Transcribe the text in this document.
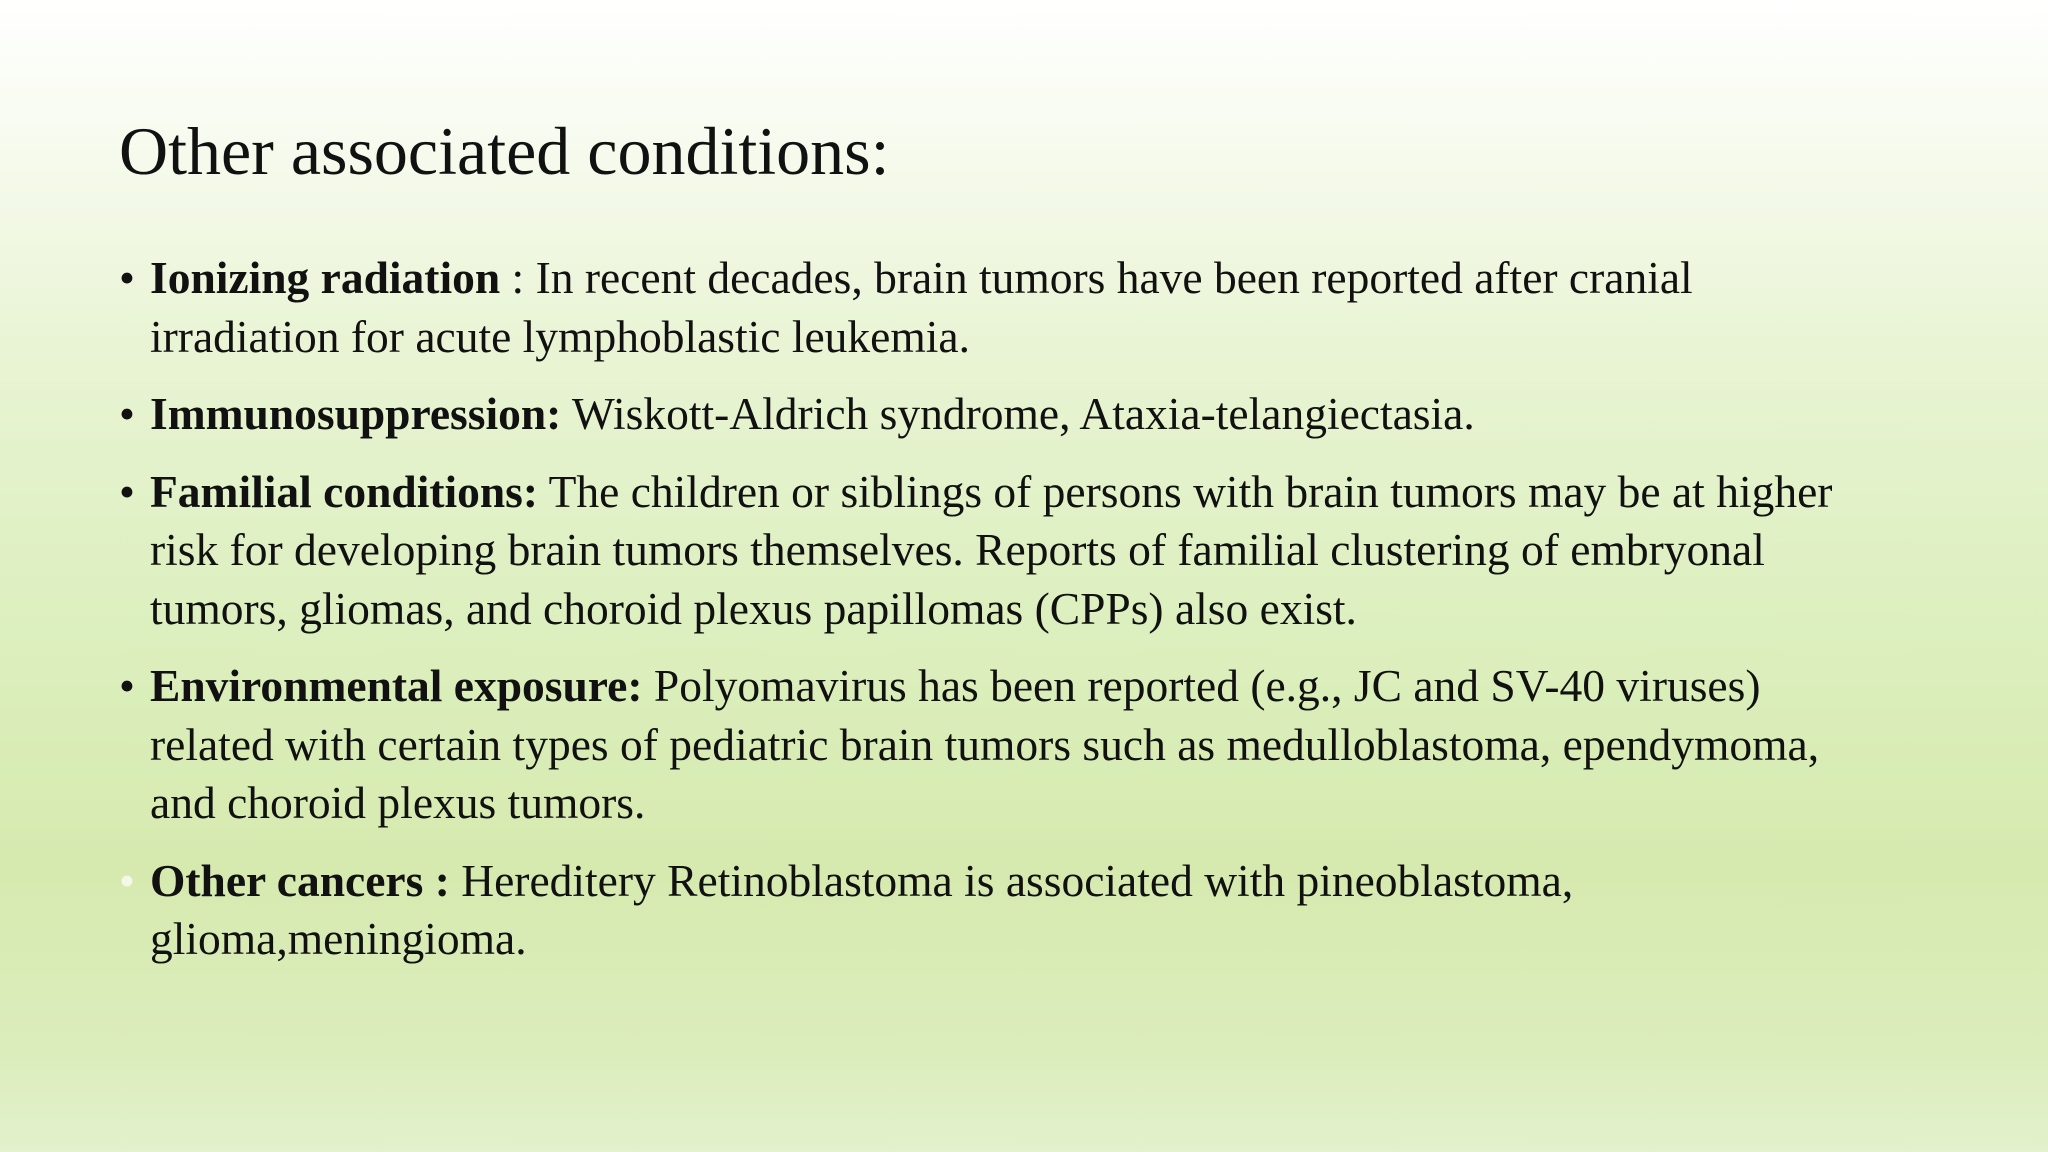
Other associated conditions:
• Ionizing radiation : In recent decades, brain tumors have been reported after cranial irradiation for acute lymphoblastic leukemia.
• Immunosuppression: Wiskott-Aldrich syndrome, Ataxia-telangiectasia.
• Familial conditions: The children or siblings of persons with brain tumors may be at higher risk for developing brain tumors themselves. Reports of familial clustering of embryonal tumors, gliomas, and choroid plexus papillomas (CPPs) also exist.
• Environmental exposure: Polyomavirus has been reported (e.g., JC and SV-40 viruses) related with certain types of pediatric brain tumors such as medulloblastoma, ependymoma, and choroid plexus tumors.
• Other cancers : Hereditery Retinoblastoma is associated with pineoblastoma, glioma,meningioma.
